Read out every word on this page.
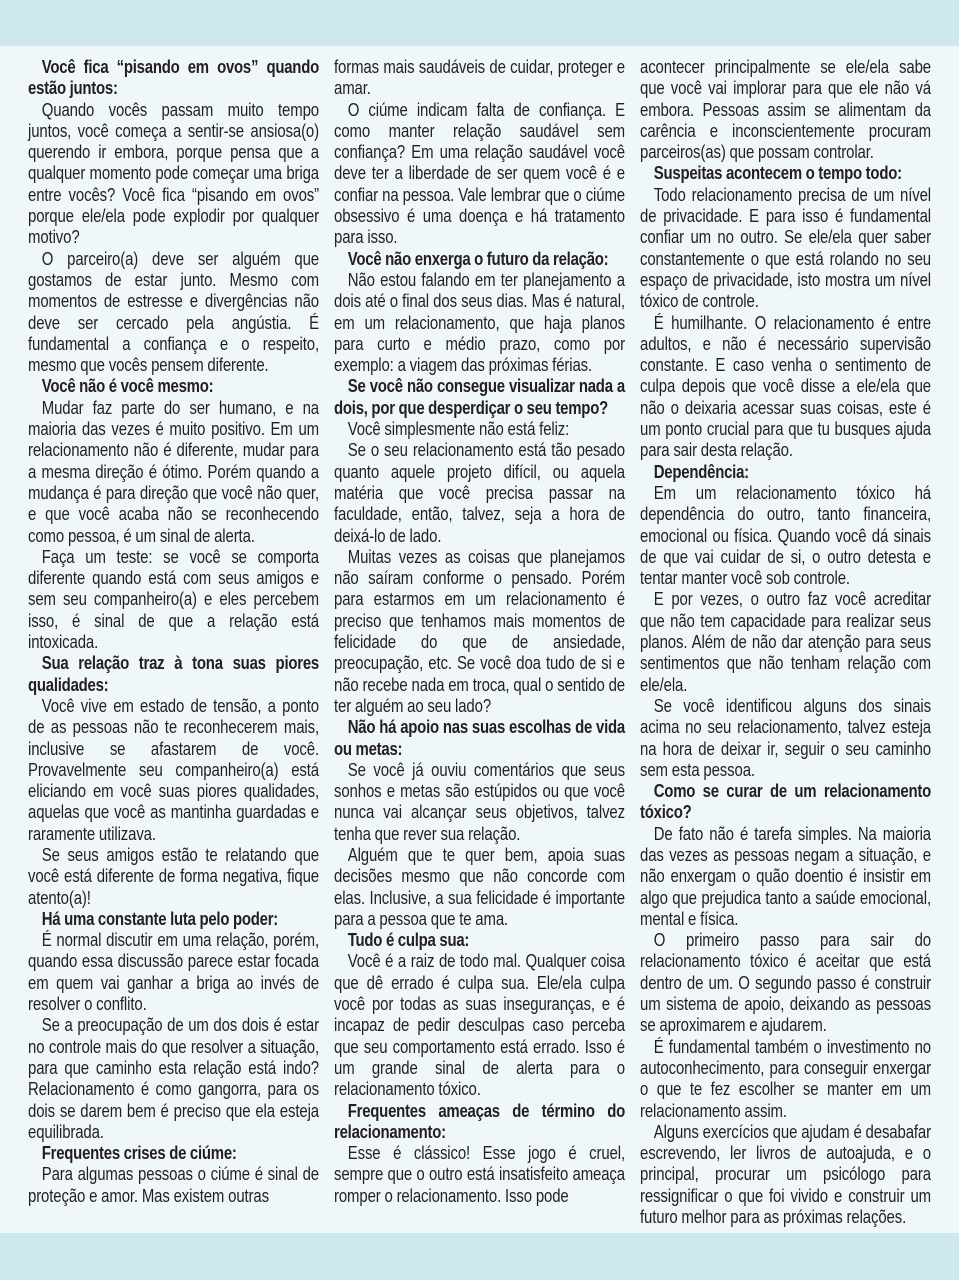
Você fica “pisando em ovos” quando estão juntos:

Quando vocês passam muito tempo juntos, você começa a sentir-se ansiosa(o) querendo ir embora, porque pensa que a qualquer momento pode começar uma briga entre vocês? Você fica “pisando em ovos” porque ele/ela pode explodir por qualquer motivo?

O parceiro(a) deve ser alguém que gostamos de estar junto. Mesmo com momentos de estresse e divergências não deve ser cercado pela angústia. É fundamental a confiança e o respeito, mesmo que vocês pensem diferente.

Você não é você mesmo:

Mudar faz parte do ser humano, e na maioria das vezes é muito positivo. Em um relacionamento não é diferente, mudar para a mesma direção é ótimo. Porém quando a mudança é para direção que você não quer, e que você acaba não se reconhecendo como pessoa, é um sinal de alerta.

Faça um teste: se você se comporta diferente quando está com seus amigos e sem seu companheiro(a) e eles percebem isso, é sinal de que a relação está intoxicada.

Sua relação traz à tona suas piores qualidades:

Você vive em estado de tensão, a ponto de as pessoas não te reconhecerem mais, inclusive se afastarem de você. Provavelmente seu companheiro(a) está eliciando em você suas piores qualidades, aquelas que você as mantinha guardadas e raramente utilizava.

Se seus amigos estão te relatando que você está diferente de forma negativa, fique atento(a)!

Há uma constante luta pelo poder:

É normal discutir em uma relação, porém, quando essa discussão parece estar focada em quem vai ganhar a briga ao invés de resolver o conflito.

Se a preocupação de um dos dois é estar no controle mais do que resolver a situação, para que caminho esta relação está indo? Relacionamento é como gangorra, para os dois se darem bem é preciso que ela esteja equilibrada.

Frequentes crises de ciúme:

Para algumas pessoas o ciúme é sinal de proteção e amor. Mas existem outras

formas mais saudáveis de cuidar, proteger e amar.

O ciúme indicam falta de confiança. E como manter relação saudável sem confiança? Em uma relação saudável você deve ter a liberdade de ser quem você é e confiar na pessoa. Vale lembrar que o ciúme obsessivo é uma doença e há tratamento para isso.

Você não enxerga o futuro da relação:

Não estou falando em ter planejamento a dois até o final dos seus dias. Mas é natural, em um relacionamento, que haja planos para curto e médio prazo, como por exemplo: a viagem das próximas férias.

Se você não consegue visualizar nada a dois, por que desperdiçar o seu tempo?

Você simplesmente não está feliz:

Se o seu relacionamento está tão pesado quanto aquele projeto difícil, ou aquela matéria que você precisa passar na faculdade, então, talvez, seja a hora de deixá-lo de lado.

Muitas vezes as coisas que planejamos não saíram conforme o pensado. Porém para estarmos em um relacionamento é preciso que tenhamos mais momentos de felicidade do que de ansiedade, preocupação, etc. Se você doa tudo de si e não recebe nada em troca, qual o sentido de ter alguém ao seu lado?

Não há apoio nas suas escolhas de vida ou metas:

Se você já ouviu comentários que seus sonhos e metas são estúpidos ou que você nunca vai alcançar seus objetivos, talvez tenha que rever sua relação.

Alguém que te quer bem, apoia suas decisões mesmo que não concorde com elas. Inclusive, a sua felicidade é importante para a pessoa que te ama.

Tudo é culpa sua:

Você é a raiz de todo mal. Qualquer coisa que dê errado é culpa sua. Ele/ela culpa você por todas as suas inseguranças, e é incapaz de pedir desculpas caso perceba que seu comportamento está errado. Isso é um grande sinal de alerta para o relacionamento tóxico.

Frequentes ameaças de término do relacionamento:

Esse é clássico! Esse jogo é cruel, sempre que o outro está insatisfeito ameaça romper o relacionamento. Isso pode

acontecer principalmente se ele/ela sabe que você vai implorar para que ele não vá embora. Pessoas assim se alimentam da carência e inconscientemente procuram parceiros(as) que possam controlar.

Suspeitas acontecem o tempo todo:

Todo relacionamento precisa de um nível de privacidade. E para isso é fundamental confiar um no outro. Se ele/ela quer saber constantemente o que está rolando no seu espaço de privacidade, isto mostra um nível tóxico de controle.

É humilhante. O relacionamento é entre adultos, e não é necessário supervisão constante. E caso venha o sentimento de culpa depois que você disse a ele/ela que não o deixaria acessar suas coisas, este é um ponto crucial para que tu busques ajuda para sair desta relação.

Dependência:

Em um relacionamento tóxico há dependência do outro, tanto financeira, emocional ou física. Quando você dá sinais de que vai cuidar de si, o outro detesta e tentar manter você sob controle.

E por vezes, o outro faz você acreditar que não tem capacidade para realizar seus planos. Além de não dar atenção para seus sentimentos que não tenham relação com ele/ela.

Se você identificou alguns dos sinais acima no seu relacionamento, talvez esteja na hora de deixar ir, seguir o seu caminho sem esta pessoa.

Como se curar de um relacionamento tóxico?

De fato não é tarefa simples. Na maioria das vezes as pessoas negam a situação, e não enxergam o quão doentio é insistir em algo que prejudica tanto a saúde emocional, mental e física.

O primeiro passo para sair do relacionamento tóxico é aceitar que está dentro de um. O segundo passo é construir um sistema de apoio, deixando as pessoas se aproximarem e ajudarem.

É fundamental também o investimento no autoconhecimento, para conseguir enxergar o que te fez escolher se manter em um relacionamento assim.

Alguns exercícios que ajudam é desabafar escrevendo, ler livros de autoajuda, e o principal, procurar um psicólogo para ressignificar o que foi vivido e construir um futuro melhor para as próximas relações.
